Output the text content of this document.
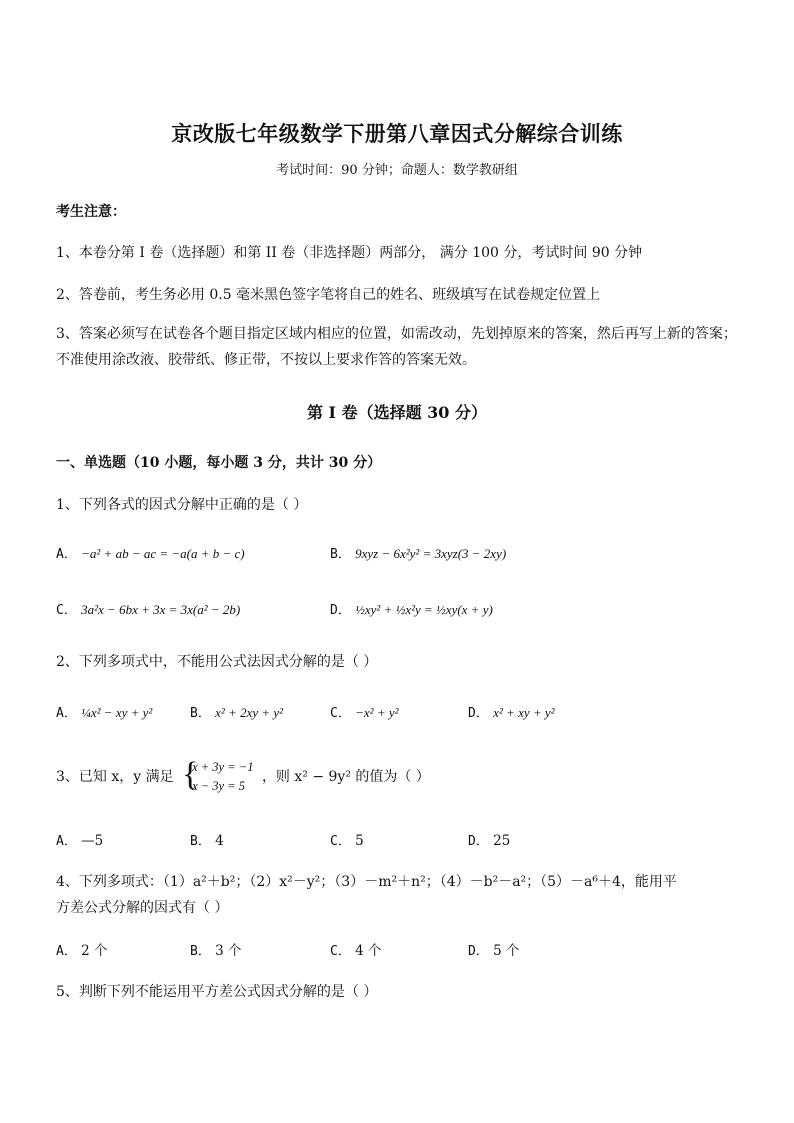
京改版七年级数学下册第八章因式分解综合训练
考试时间：90 分钟；命题人：数学教研组
考生注意：
1、本卷分第 I 卷（选择题）和第 II 卷（非选择题）两部分， 满分 100 分，考试时间 90 分钟
2、答卷前，考生务必用 0.5 毫米黑色签字笔将自己的姓名、班级填写在试卷规定位置上
3、答案必须写在试卷各个题目指定区域内相应的位置，如需改动，先划掉原来的答案，然后再写上新的答案；不准使用涂改液、胶带纸、修正带，不按以上要求作答的答案无效。
第 I 卷（选择题 30 分）
一、单选题（10 小题，每小题 3 分，共计 30 分）
1、下列各式的因式分解中正确的是（ ）
A． −a² + ab − ac = −a(a + b − c)	B． 9xyz − 6x²y² = 3xyz(3 − 2xy)
C． 3a²x − 6bx + 3x = 3x(a² − 2b)	D． ½xy² + ½x²y = ½xy(x + y)
2、下列多项式中，不能用公式法因式分解的是（ ）
A． ¼x² − xy + y²	B． x² + 2xy + y²	C． −x² + y²	D． x² + xy + y²
3、已知 x，y 满足 {
x + 3y = −1
x − 3y = 5
，则 x² − 9y² 的值为（ ）
A． —5	B． 4	C． 5	D． 25
4、下列多项式：（1）a²＋b²；（2）x²－y²；（3）－m²＋n²；（4）－b²－a²；（5）－a⁶＋4，能用平
方差公式分解的因式有（ ）
A． 2 个	B． 3 个	C． 4 个	D． 5 个
5、判断下列不能运用平方差公式因式分解的是（ ）
